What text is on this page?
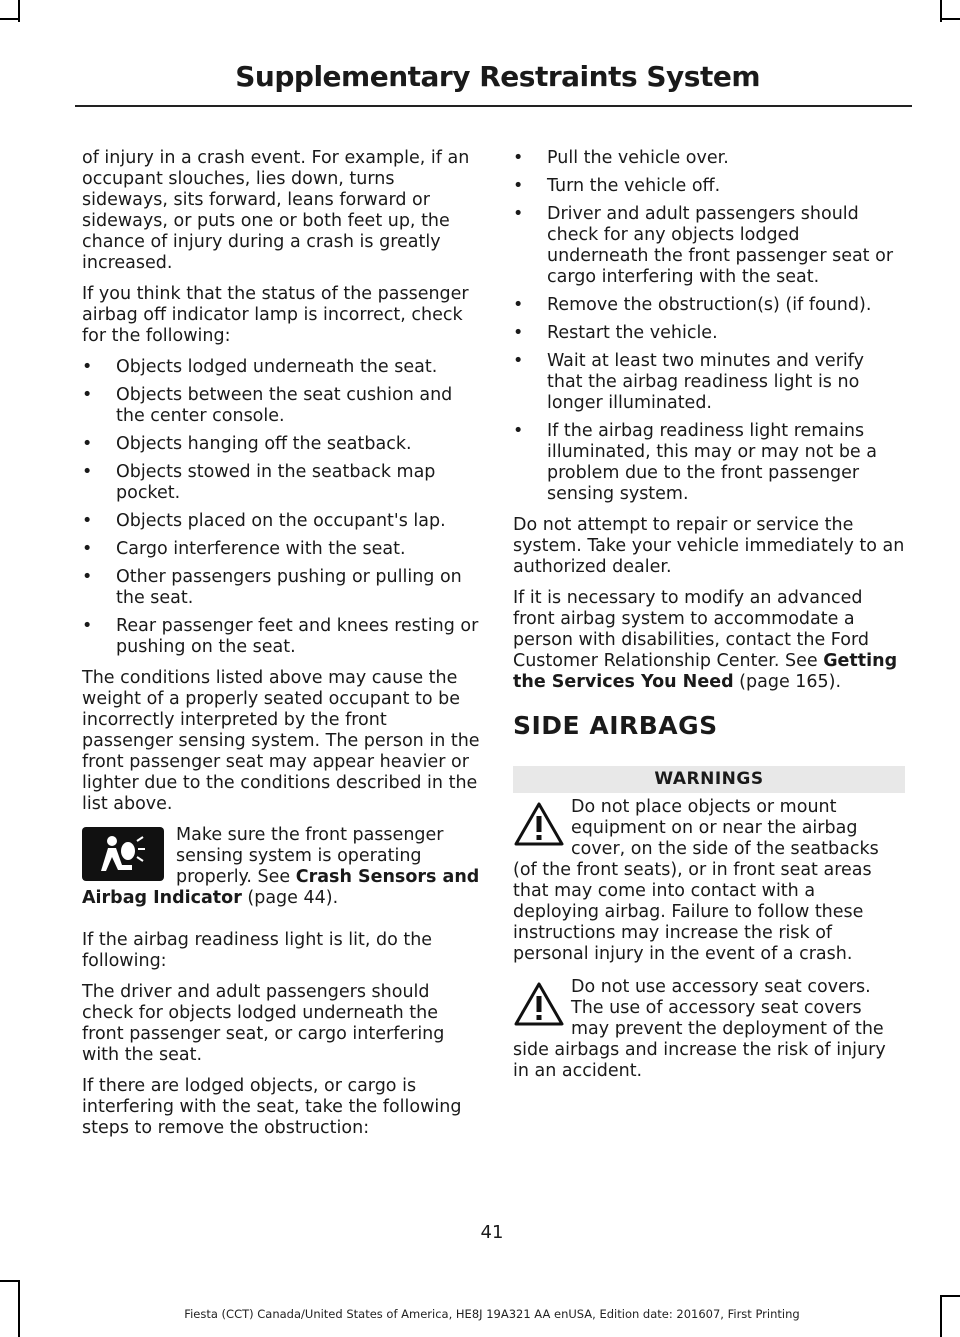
Supplementary Restraints System

of injury in a crash event. For example, if an occupant slouches, lies down, turns sideways, sits forward, leans forward or sideways, or puts one or both feet up, the chance of injury during a crash is greatly increased.

If you think that the status of the passenger airbag off indicator lamp is incorrect, check for the following:

• Objects lodged underneath the seat.
• Objects between the seat cushion and the center console.
• Objects hanging off the seatback.
• Objects stowed in the seatback map pocket.
• Objects placed on the occupant's lap.
• Cargo interference with the seat.
• Other passengers pushing or pulling on the seat.
• Rear passenger feet and knees resting or pushing on the seat.

The conditions listed above may cause the weight of a properly seated occupant to be incorrectly interpreted by the front passenger sensing system. The person in the front passenger seat may appear heavier or lighter due to the conditions described in the list above.

Make sure the front passenger sensing system is operating properly. See Crash Sensors and Airbag Indicator (page 44).

If the airbag readiness light is lit, do the following:

The driver and adult passengers should check for objects lodged underneath the front passenger seat, or cargo interfering with the seat.

If there are lodged objects, or cargo is interfering with the seat, take the following steps to remove the obstruction:

• Pull the vehicle over.
• Turn the vehicle off.
• Driver and adult passengers should check for any objects lodged underneath the front passenger seat or cargo interfering with the seat.
• Remove the obstruction(s) (if found).
• Restart the vehicle.
• Wait at least two minutes and verify that the airbag readiness light is no longer illuminated.
• If the airbag readiness light remains illuminated, this may or may not be a problem due to the front passenger sensing system.

Do not attempt to repair or service the system. Take your vehicle immediately to an authorized dealer.

If it is necessary to modify an advanced front airbag system to accommodate a person with disabilities, contact the Ford Customer Relationship Center. See Getting the Services You Need (page 165).

SIDE AIRBAGS
WARNINGS
Do not place objects or mount equipment on or near the airbag cover, on the side of the seatbacks (of the front seats), or in front seat areas that may come into contact with a deploying airbag. Failure to follow these instructions may increase the risk of personal injury in the event of a crash.
Do not use accessory seat covers. The use of accessory seat covers may prevent the deployment of the side airbags and increase the risk of injury in an accident.
41
Fiesta (CCT) Canada/United States of America, HE8J 19A321 AA enUSA, Edition date: 201607, First Printing
